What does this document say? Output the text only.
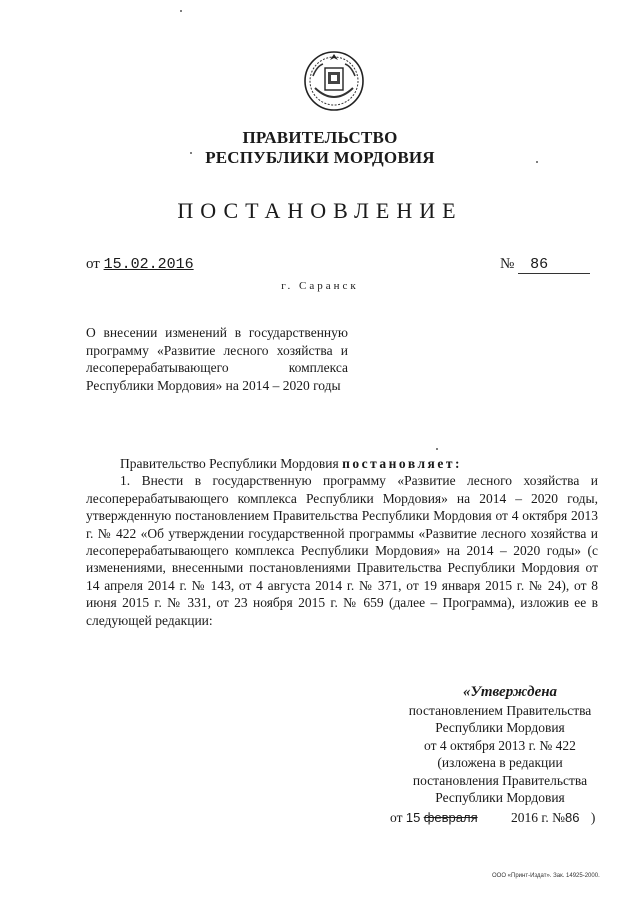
ПРАВИТЕЛЬСТВО
РЕСПУБЛИКИ МОРДОВИЯ
ПОСТАНОВЛЕНИЕ
от 15.02.2016	№ 86
г. Саранск
О внесении изменений в государственную программу «Развитие лесного хозяйства и лесоперерабатывающего комплекса Республики Мордовия» на 2014 – 2020 годы

Правительство Республики Мордовия постановляет:

1. Внести в государственную программу «Развитие лесного хозяйства и лесоперерабатывающего комплекса Республики Мордовия» на 2014 – 2020 годы, утвержденную постановлением Правительства Республики Мордовия от 4 октября 2013 г. № 422 «Об утверждении государственной программы «Развитие лесного хозяйства и лесоперерабатывающего комплекса Республики Мордовия» на 2014 – 2020 годы» (с изменениями, внесенными постановлениями Правительства Республики Мордовия от 14 апреля 2014 г. № 143, от 4 августа 2014 г. № 371, от 19 января 2015 г. № 24), от 8 июня 2015 г. № 331, от 23 ноября 2015 г. № 659 (далее – Программа), изложив ее в следующей редакции:

«Утверждена
постановлением Правительства
Республики Мордовия
от 4 октября 2013 г. № 422
(изложена в редакции
постановления Правительства
Республики Мордовия
от 15 февраля 2016 г. №86 )
ООО «Принт-Издат». Зак. 14925-2000.
